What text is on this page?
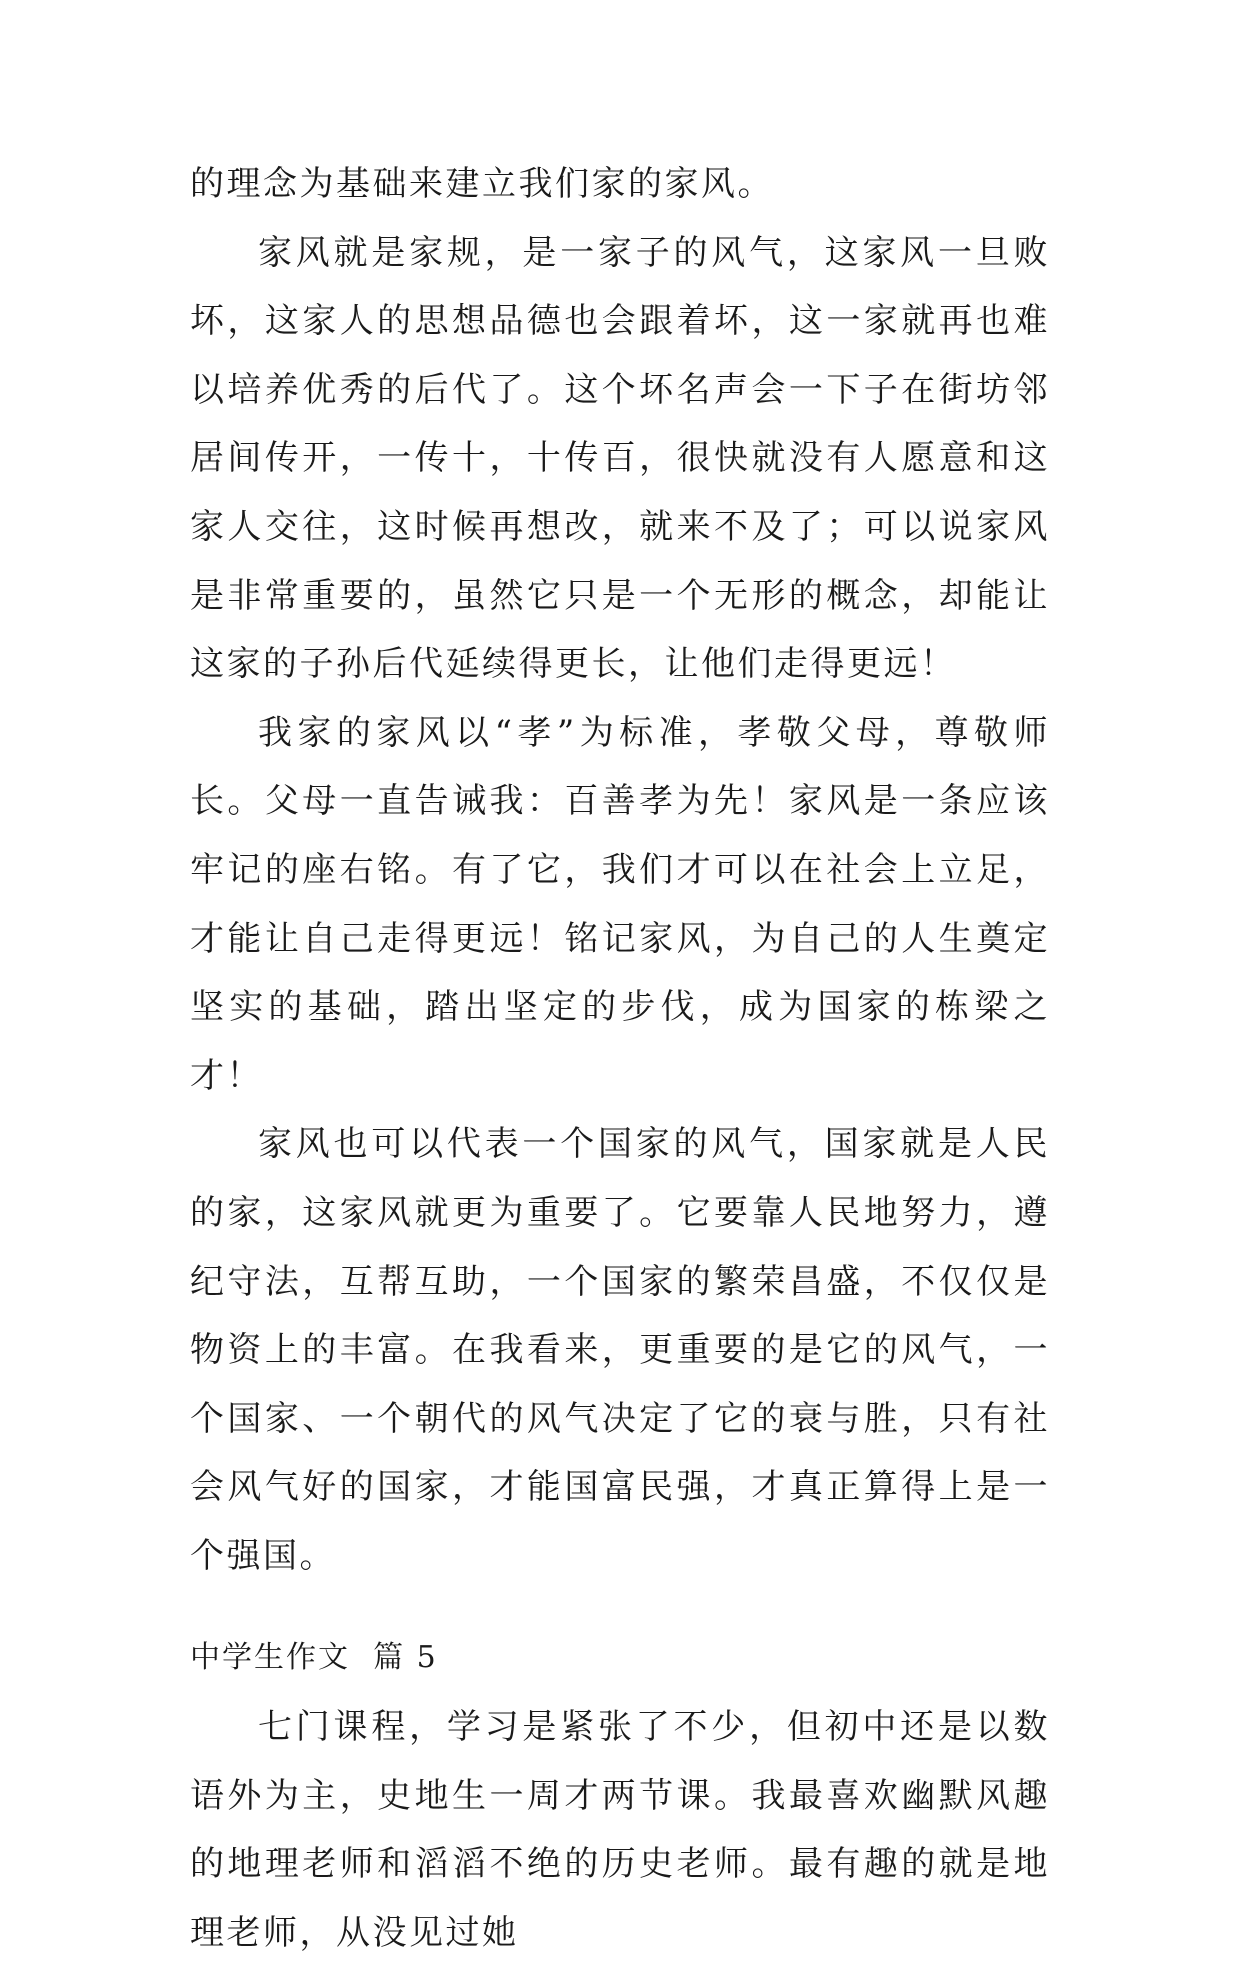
的理念为基础来建立我们家的家风。

家风就是家规，是一家子的风气，这家风一旦败坏，这家人的思想品德也会跟着坏，这一家就再也难以培养优秀的后代了。这个坏名声会一下子在街坊邻居间传开，一传十，十传百，很快就没有人愿意和这家人交往，这时候再想改，就来不及了；可以说家风是非常重要的，虽然它只是一个无形的概念，却能让这家的子孙后代延续得更长，让他们走得更远！

我家的家风以“孝”为标准，孝敬父母，尊敬师长。父母一直告诫我：百善孝为先！家风是一条应该牢记的座右铭。有了它，我们才可以在社会上立足，才能让自己走得更远！铭记家风，为自己的人生奠定坚实的基础，踏出坚定的步伐，成为国家的栋梁之才！

家风也可以代表一个国家的风气，国家就是人民的家，这家风就更为重要了。它要靠人民地努力，遵纪守法，互帮互助，一个国家的繁荣昌盛，不仅仅是物资上的丰富。在我看来，更重要的是它的风气，一个国家、一个朝代的风气决定了它的衰与胜，只有社会风气好的国家，才能国富民强，才真正算得上是一个强国。

中学生作文  篇 5

七门课程，学习是紧张了不少，但初中还是以数语外为主，史地生一周才两节课。我最喜欢幽默风趣的地理老师和滔滔不绝的历史老师。最有趣的就是地理老师，从没见过她
